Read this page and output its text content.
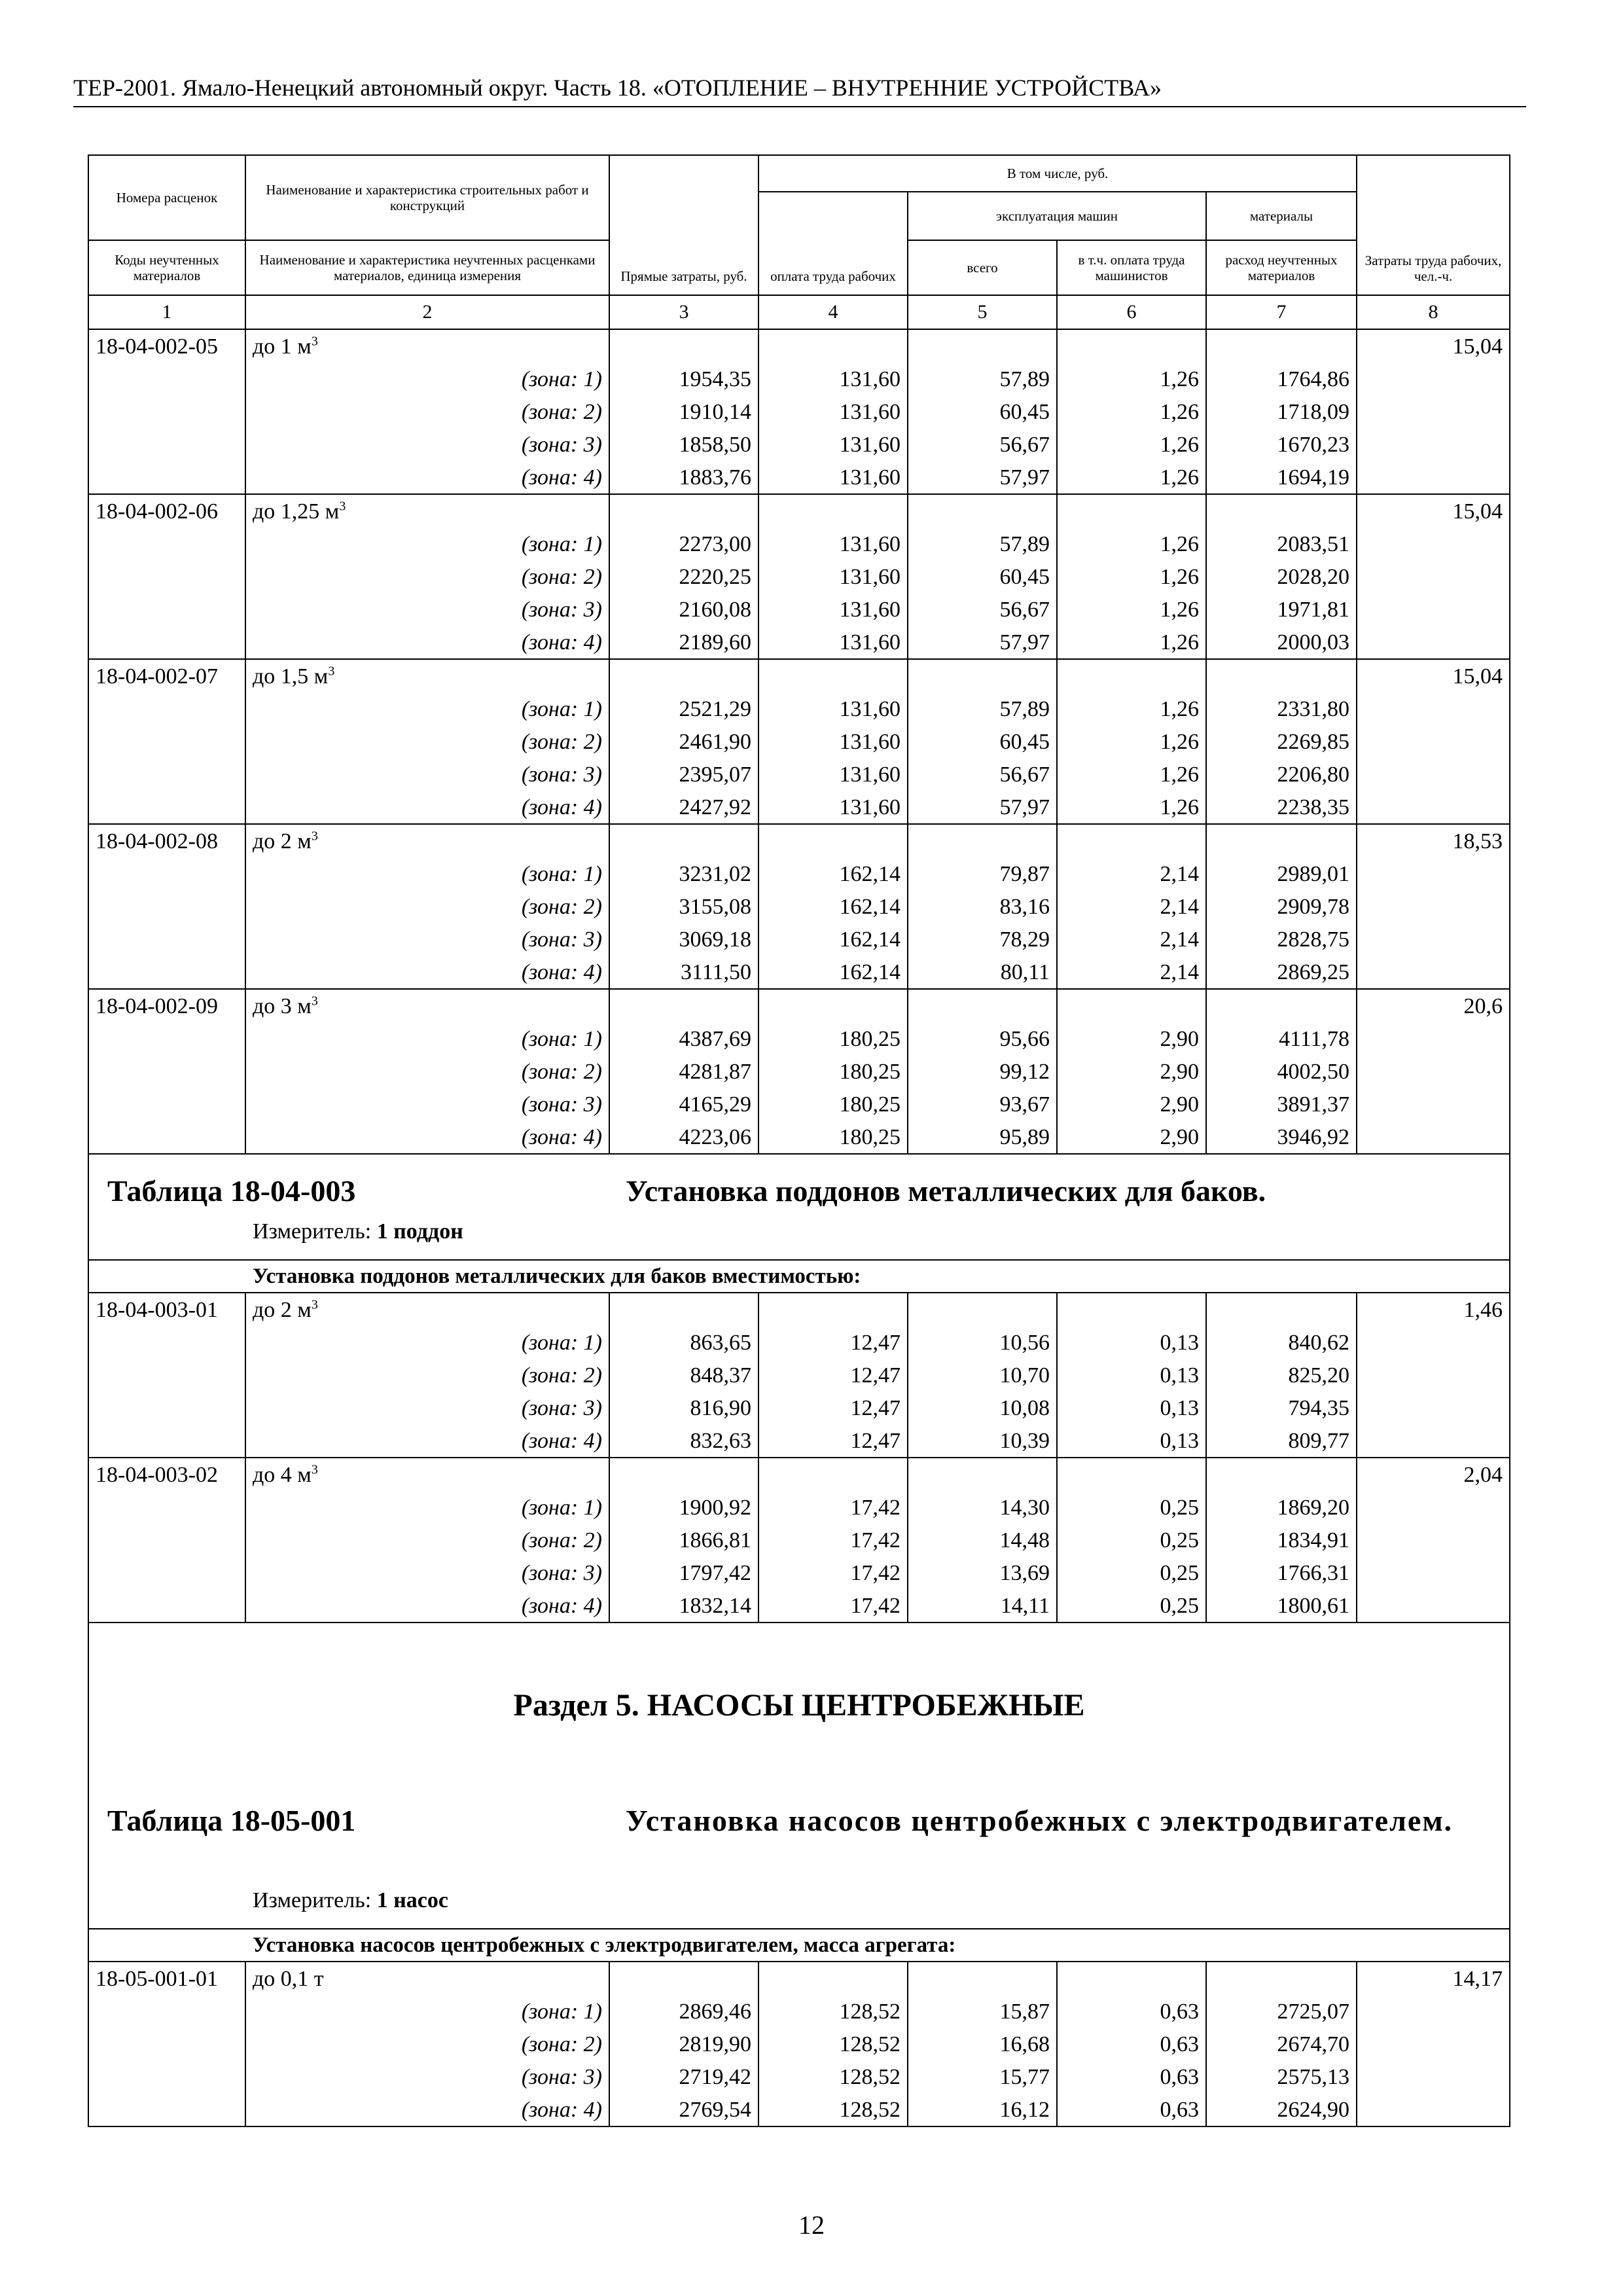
ТЕР-2001. Ямало-Ненецкий автономный округ. Часть 18. «ОТОПЛЕНИЕ – ВНУТРЕННИЕ УСТРОЙСТВА»
Номера расценок	Наименование и характеристика строительных работ и конструкций	Прямые затраты, руб.	В том числе, руб.				Затраты труда рабочих, чел.-ч.
			оплата труда рабочих	эксплуатация машин		материалы	
Коды неучтенных материалов	Наименование и характеристика неучтенных расценками материалов, единица измерения			всего	в т.ч. оплата труда машинистов	расход неучтенных материалов	

1	2	3	4	5	6	7	8
18-04-002-05	до 1 $м^3$						15,04
	(зона: 1)	1954,35	131,60	57,89	1,26	1764,86	
	(зона: 2)	1910,14	131,60	60,45	1,26	1718,09	
	(зона: 3)	1858,50	131,60	56,67	1,26	1670,23	
	(зона: 4)	1883,76	131,60	57,97	1,26	1694,19	
18-04-002-06	до 1,25 $м^3$						15,04
	(зона: 1)	2273,00	131,60	57,89	1,26	2083,51	
	(зона: 2)	2220,25	131,60	60,45	1,26	2028,20	
	(зона: 3)	2160,08	131,60	56,67	1,26	1971,81	
	(зона: 4)	2189,60	131,60	57,97	1,26	2000,03	
18-04-002-07	до 1,5 $м^3$						15,04
	(зона: 1)	2521,29	131,60	57,89	1,26	2331,80	
	(зона: 2)	2461,90	131,60	60,45	1,26	2269,85	
	(зона: 3)	2395,07	131,60	56,67	1,26	2206,80	
	(зона: 4)	2427,92	131,60	57,97	1,26	2238,35	
18-04-002-08	до 2 $м^3$						18,53
	(зона: 1)	3231,02	162,14	79,87	2,14	2989,01	
	(зона: 2)	3155,08	162,14	83,16	2,14	2909,78	
	(зона: 3)	3069,18	162,14	78,29	2,14	2828,75	
	(зона: 4)	3111,50	162,14	80,11	2,14	2869,25	
18-04-002-09	до 3 $м^3$						20,6
	(зона: 1)	4387,69	180,25	95,66	2,90	4111,78	
	(зона: 2)	4281,87	180,25	99,12	2,90	4002,50	
	(зона: 3)	4165,29	180,25	93,67	2,90	3891,37	
	(зона: 4)	4223,06	180,25	95,89	2,90	3946,92	

Таблица 18-04-003 Установка поддонов металлических для баков.
Измеритель: 1 поддон							

Установка поддонов металлических для баков вместимостью:							
18-04-003-01	до 2 $м^3$						1,46
	(зона: 1)	863,65	12,47	10,56	0,13	840,62	
	(зона: 2)	848,37	12,47	10,70	0,13	825,20	
	(зона: 3)	816,90	12,47	10,08	0,13	794,35	
	(зона: 4)	832,63	12,47	10,39	0,13	809,77	
18-04-003-02	до 4 $м^3$						2,04
	(зона: 1)	1900,92	17,42	14,30	0,25	1869,20	
	(зона: 2)	1866,81	17,42	14,48	0,25	1834,91	
	(зона: 3)	1797,42	17,42	13,69	0,25	1766,31	
	(зона: 4)	1832,14	17,42	14,11	0,25	1800,61	

Раздел 5. НАСОСЫ ЦЕНТРОБЕЖНЫЕ
Таблица 18-05-001 Установка насосов центробежных с электродвигателем.
Измеритель: 1 насос							

Установка насосов центробежных с электродвигателем, масса агрегата:							
18-05-001-01	до 0,1 т						14,17
	(зона: 1)	2869,46	128,52	15,87	0,63	2725,07	
	(зона: 2)	2819,90	128,52	16,68	0,63	2674,70	
	(зона: 3)	2719,42	128,52	15,77	0,63	2575,13	
	(зона: 4)	2769,54	128,52	16,12	0,63	2624,90	
12
